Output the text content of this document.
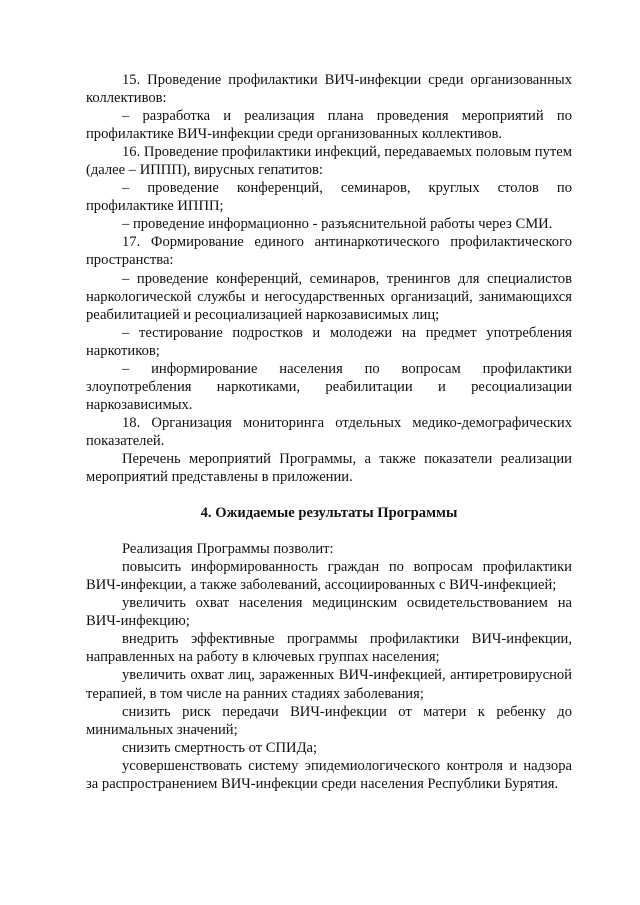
15. Проведение профилактики ВИЧ-инфекции среди организованных коллективов:

– разработка и реализация плана проведения мероприятий по профилактике ВИЧ-инфекции среди организованных коллективов.

16. Проведение профилактики инфекций, передаваемых половым путем (далее – ИППП), вирусных гепатитов:

– проведение конференций, семинаров, круглых столов по профилактике ИППП;

– проведение информационно - разъяснительной работы через СМИ.

17. Формирование единого антинаркотического профилактического пространства:

– проведение конференций, семинаров, тренингов для специалистов наркологической службы и негосударственных организаций, занимающихся реабилитацией и ресоциализацией наркозависимых лиц;

– тестирование подростков и молодежи на предмет употребления наркотиков;

– информирование населения по вопросам профилактики злоупотребления наркотиками, реабилитации и ресоциализации наркозависимых.

18. Организация мониторинга отдельных медико-демографических показателей.

Перечень мероприятий Программы, а также показатели реализации мероприятий представлены в приложении.

4. Ожидаемые результаты Программы

Реализация Программы позволит:

повысить информированность граждан по вопросам профилактики ВИЧ-инфекции, а также заболеваний, ассоциированных с ВИЧ-инфекцией;

увеличить охват населения медицинским освидетельствованием на ВИЧ-инфекцию;

внедрить эффективные программы профилактики ВИЧ-инфекции, направленных на работу в ключевых группах населения;

увеличить охват лиц, зараженных ВИЧ-инфекцией, антиретровирусной терапией, в том числе на ранних стадиях заболевания;

снизить риск передачи ВИЧ-инфекции от матери к ребенку до минимальных значений;

снизить смертность от СПИДа;

усовершенствовать систему эпидемиологического контроля и надзора за распространением ВИЧ-инфекции среди населения Республики Бурятия.
